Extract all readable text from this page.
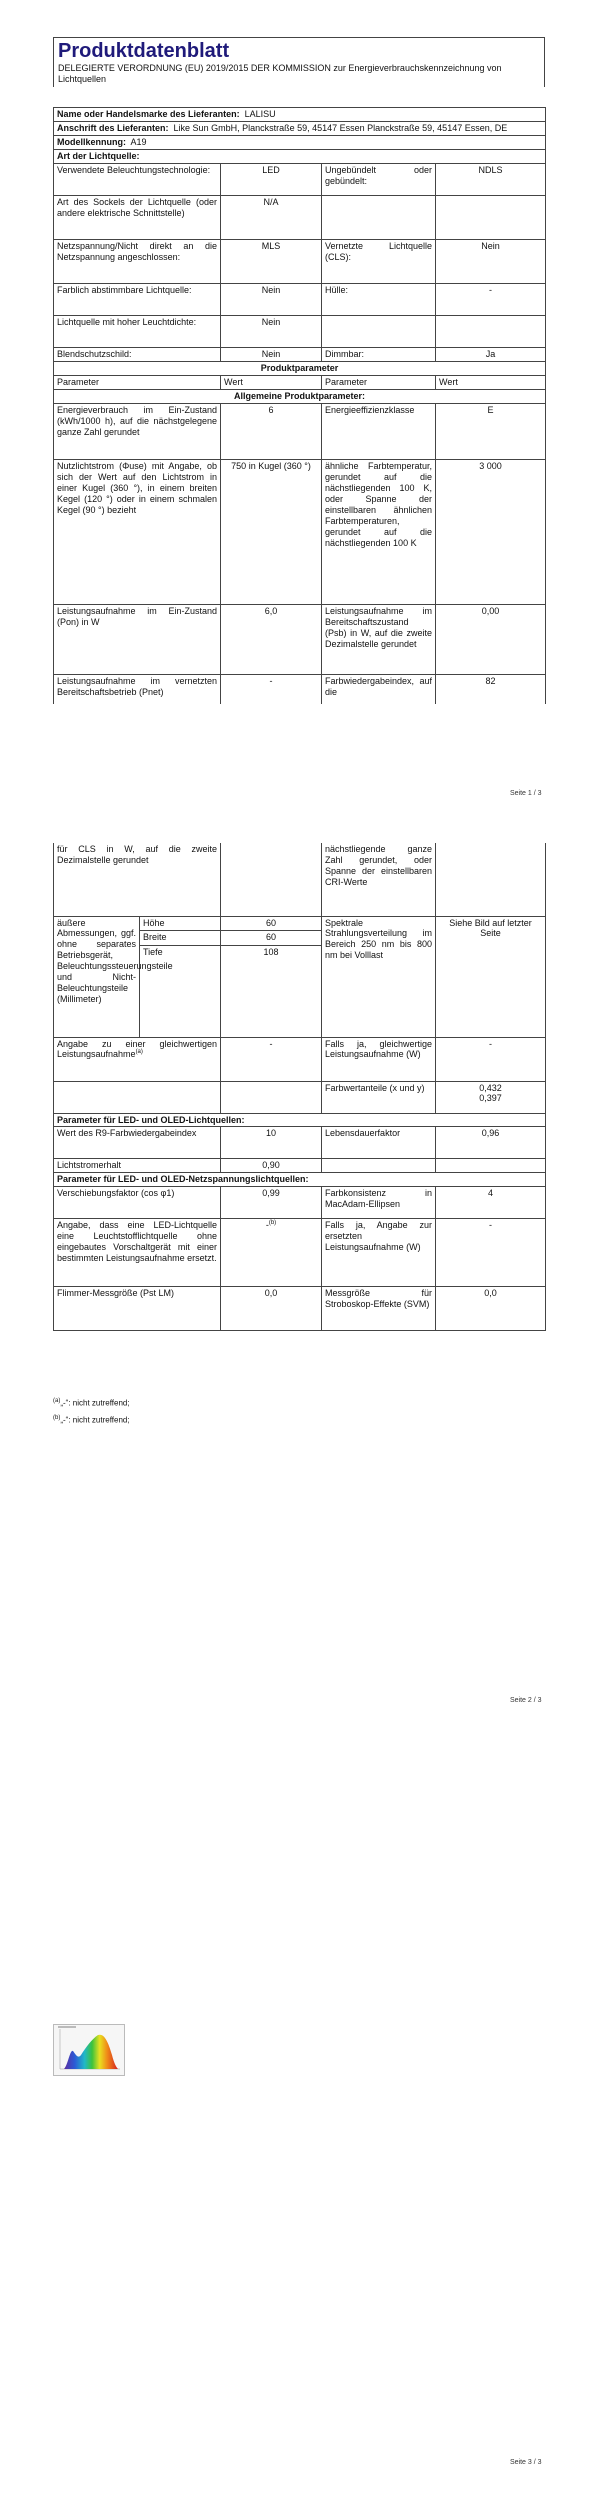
Produktdatenblatt
DELEGIERTE VERORDNUNG (EU) 2019/2015 DER KOMMISSION zur Energieverbrauchskennzeichnung von Lichtquellen
Name oder Handelsmarke des Lieferanten: LALISU			
Anschrift des Lieferanten: Like Sun GmbH, Planckstraße 59, 45147 Essen Planckstraße 59, 45147 Essen, DE			
Modellkennung: A19			
Art der Lichtquelle:			
Verwendete Beleuchtungstechnologie:	LED	Ungebündelt oder gebündelt:	NDLS
Art des Sockels der Lichtquelle (oder andere elektrische Schnittstelle)	N/A		
Netzspannung/Nicht direkt an die Netzspannung angeschlossen:	MLS	Vernetzte Lichtquelle (CLS):	Nein
Farblich abstimmbare Lichtquelle:	Nein	Hülle:	-
Lichtquelle mit hoher Leuchtdichte:	Nein		
Blendschutzschild:	Nein	Dimmbar:	Ja
Produktparameter			
Parameter	Wert	Parameter	Wert
Allgemeine Produktparameter:			
Energieverbrauch im Ein-Zustand (kWh/1000 h), auf die nächstgelegene ganze Zahl gerundet	6	Energieeffizienzklasse	E
Nutzlichtstrom (Φuse) mit Angabe, ob sich der Wert auf den Lichtstrom in einer Kugel (360 °), in einem breiten Kegel (120 °) oder in einem schmalen Kegel (90 °) bezieht	750 in Kugel (360 °)	ähnliche Farbtemperatur, gerundet auf die nächstliegenden 100 K, oder Spanne der einstellbaren ähnlichen Farbtemperaturen, gerundet auf die nächstliegenden 100 K	3 000
Leistungsaufnahme im Ein-Zustand (Pon) in W	6,0	Leistungsaufnahme im Bereitschaftszustand (Psb) in W, auf die zweite Dezimalstelle gerundet	0,00
Leistungsaufnahme im vernetzten Bereitschaftsbetrieb (Pnet)	-	Farbwiedergabeindex, auf die	82
Seite 1 / 3
für CLS in W, auf die zweite Dezimalstelle gerundet			nächstliegende ganze Zahl gerundet, oder Spanne der einstellbaren CRI-Werte	
äußere Abmessungen, ggf. ohne separates Betriebsgerät, Beleuchtungssteuerungsteile und Nicht-Beleuchtungsteile (Millimeter)	Höhe	60	Spektrale Strahlungsverteilung im Bereich 250 nm bis 800 nm bei Volllast	Siehe Bild auf letzter Seite
	Breite	60		
	Tiefe	108		
Angabe zu einer gleichwertigen Leistungsaufnahme$^{(a)}$		-	Falls ja, gleichwertige Leistungsaufnahme (W)	-
			Farbwertanteile (x und y)	0,432
0,397

Parameter für LED- und OLED-Lichtquellen:				
Wert des R9-Farbwiedergabeindex		10	Lebensdauerfaktor	0,96
Lichtstromerhalt		0,90		
Parameter für LED- und OLED-Netzspannungslichtquellen:				
Verschiebungsfaktor (cos φ1)		0,99	Farbkonsistenz in MacAdam-Ellipsen	4
Angabe, dass eine LED-Lichtquelle eine Leuchtstofflichtquelle ohne eingebautes Vorschaltgerät mit einer bestimmten Leistungsaufnahme ersetzt.		-$^{(b)}$	Falls ja, Angabe zur ersetzten Leistungsaufnahme (W)	-
Flimmer-Messgröße (Pst LM)		0,0	Messgröße für Stroboskop-Effekte (SVM)	0,0
$^{(a)}$„-“: nicht zutreffend;
$^{(b)}$„-“: nicht zutreffend;
Seite 2 / 3
Seite 3 / 3
